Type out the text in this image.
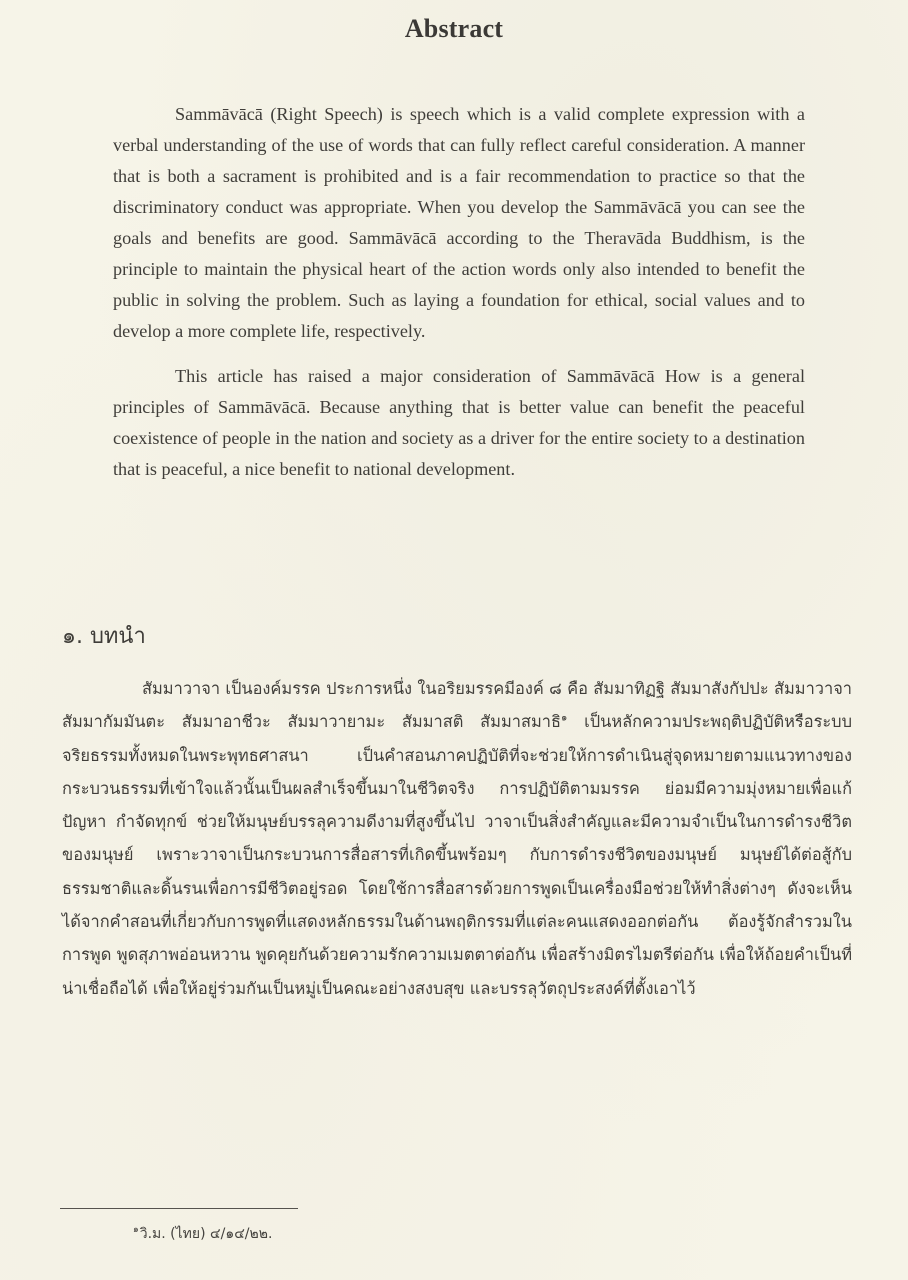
Abstract

Sammāvācā (Right Speech) is speech which is a valid complete expression with a verbal understanding of the use of words that can fully reflect careful consideration. A manner that is both a sacrament is prohibited and is a fair recommendation to practice so that the discriminatory conduct was appropriate. When you develop the Sammāvācā you can see the goals and benefits are good. Sammāvācā according to the Theravāda Buddhism, is the principle to maintain the physical heart of the action words only also intended to benefit the public in solving the problem. Such as laying a foundation for ethical, social values and to develop a more complete life, respectively.

This article has raised a major consideration of Sammāvācā How is a general principles of Sammāvācā. Because anything that is better value can benefit the peaceful coexistence of people in the nation and society as a driver for the entire society to a destination that is peaceful, a nice benefit to national development.

๑. บทนำ

สัมมาวาจา เป็นองค์มรรค ประการหนึ่ง ในอริยมรรคมีองค์ ๘ คือ สัมมาทิฏฐิ สัมมาสังกัปปะ สัมมาวาจา สัมมากัมมันตะ สัมมาอาชีวะ สัมมาวายามะ สัมมาสติ สัมมาสมาธิ$^๑$ เป็นหลักความประพฤติปฏิบัติหรือระบบจริยธรรมทั้งหมดในพระพุทธศาสนา เป็นคำสอนภาคปฏิบัติที่จะช่วยให้การดำเนินสู่จุดหมายตามแนวทางของกระบวนธรรมที่เข้าใจแล้วนั้นเป็นผลสำเร็จขึ้นมาในชีวิตจริง การปฏิบัติตามมรรค ย่อมมีความมุ่งหมายเพื่อแก้ปัญหา กำจัดทุกข์ ช่วยให้มนุษย์บรรลุความดีงามที่สูงขึ้นไป วาจาเป็นสิ่งสำคัญและมีความจำเป็นในการดำรงชีวิตของมนุษย์ เพราะวาจาเป็นกระบวนการสื่อสารที่เกิดขึ้นพร้อมๆ กับการดำรงชีวิตของมนุษย์ มนุษย์ได้ต่อสู้กับธรรมชาติและดิ้นรนเพื่อการมีชีวิตอยู่รอด โดยใช้การสื่อสารด้วยการพูดเป็นเครื่องมือช่วยให้ทำสิ่งต่างๆ ดังจะเห็นได้จากคำสอนที่เกี่ยวกับการพูดที่แสดงหลักธรรมในด้านพฤติกรรมที่แต่ละคนแสดงออกต่อกัน ต้องรู้จักสำรวมในการพูด พูดสุภาพอ่อนหวาน พูดคุยกันด้วยความรักความเมตตาต่อกัน เพื่อสร้างมิตรไมตรีต่อกัน เพื่อให้ถ้อยคำเป็นที่น่าเชื่อถือได้ เพื่อให้อยู่ร่วมกันเป็นหมู่เป็นคณะอย่างสงบสุข และบรรลุวัตถุประสงค์ที่ตั้งเอาไว้

$^๑$วิ.ม. (ไทย) ๔/๑๔/๒๒.
